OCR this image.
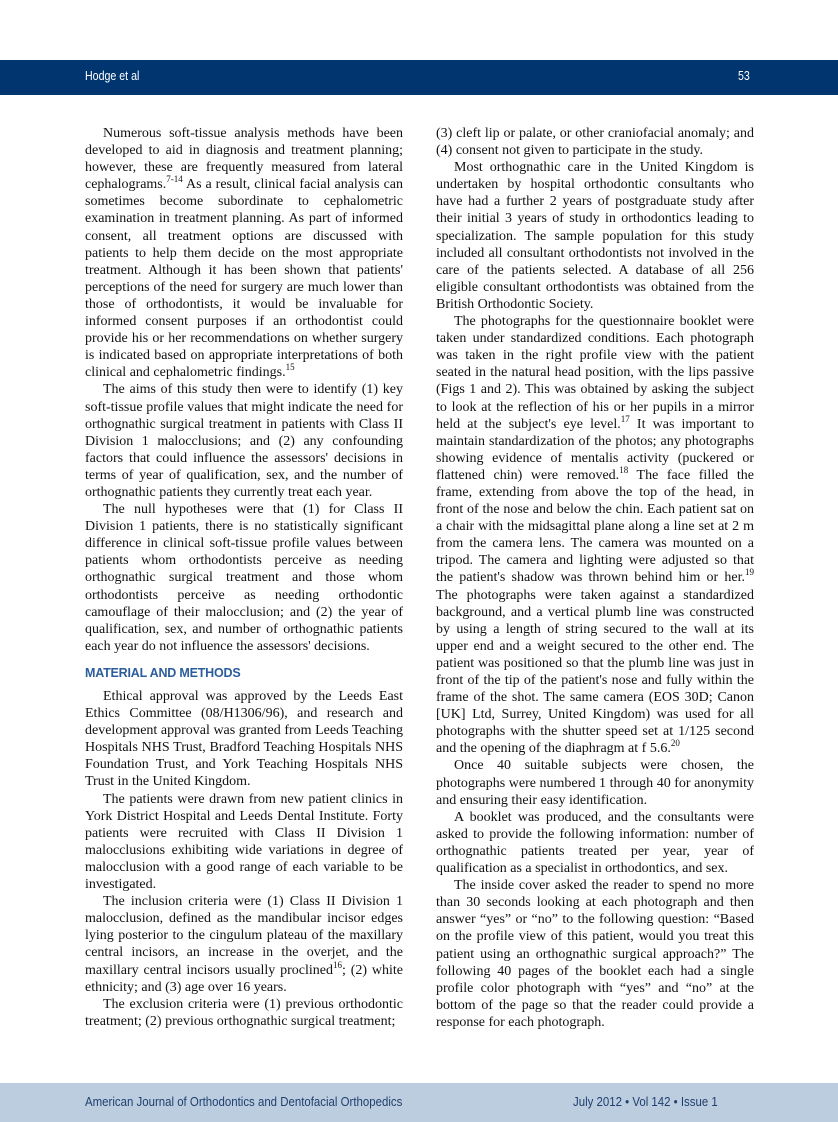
Hodge et al	53

Numerous soft-tissue analysis methods have been developed to aid in diagnosis and treatment planning; however, these are frequently measured from lateral cephalograms.$^{7-14}$ As a result, clinical facial analysis can sometimes become subordinate to cephalometric examination in treatment planning. As part of informed consent, all treatment options are discussed with patients to help them decide on the most appropriate treatment. Although it has been shown that patients' perceptions of the need for surgery are much lower than those of orthodontists, it would be invaluable for informed consent purposes if an orthodontist could provide his or her recommendations on whether surgery is indicated based on appropriate interpretations of both clinical and cephalometric findings.$^{15}$

The aims of this study then were to identify (1) key soft-tissue profile values that might indicate the need for orthognathic surgical treatment in patients with Class II Division 1 malocclusions; and (2) any confounding factors that could influence the assessors' decisions in terms of year of qualification, sex, and the number of orthognathic patients they currently treat each year.

The null hypotheses were that (1) for Class II Division 1 patients, there is no statistically significant difference in clinical soft-tissue profile values between patients whom orthodontists perceive as needing orthognathic surgical treatment and those whom orthodontists perceive as needing orthodontic camouflage of their malocclusion; and (2) the year of qualification, sex, and number of orthognathic patients each year do not influence the assessors' decisions.

MATERIAL AND METHODS

Ethical approval was approved by the Leeds East Ethics Committee (08/H1306/96), and research and development approval was granted from Leeds Teaching Hospitals NHS Trust, Bradford Teaching Hospitals NHS Foundation Trust, and York Teaching Hospitals NHS Trust in the United Kingdom.

The patients were drawn from new patient clinics in York District Hospital and Leeds Dental Institute. Forty patients were recruited with Class II Division 1 malocclusions exhibiting wide variations in degree of malocclusion with a good range of each variable to be investigated.

The inclusion criteria were (1) Class II Division 1 malocclusion, defined as the mandibular incisor edges lying posterior to the cingulum plateau of the maxillary central incisors, an increase in the overjet, and the maxillary central incisors usually proclined$^{16}$; (2) white ethnicity; and (3) age over 16 years.

The exclusion criteria were (1) previous orthodontic treatment; (2) previous orthognathic surgical treatment;

(3) cleft lip or palate, or other craniofacial anomaly; and (4) consent not given to participate in the study.

Most orthognathic care in the United Kingdom is undertaken by hospital orthodontic consultants who have had a further 2 years of postgraduate study after their initial 3 years of study in orthodontics leading to specialization. The sample population for this study included all consultant orthodontists not involved in the care of the patients selected. A database of all 256 eligible consultant orthodontists was obtained from the British Orthodontic Society.

The photographs for the questionnaire booklet were taken under standardized conditions. Each photograph was taken in the right profile view with the patient seated in the natural head position, with the lips passive (Figs 1 and 2). This was obtained by asking the subject to look at the reflection of his or her pupils in a mirror held at the subject's eye level.$^{17}$ It was important to maintain standardization of the photos; any photographs showing evidence of mentalis activity (puckered or flattened chin) were removed.$^{18}$ The face filled the frame, extending from above the top of the head, in front of the nose and below the chin. Each patient sat on a chair with the midsagittal plane along a line set at 2 m from the camera lens. The camera was mounted on a tripod. The camera and lighting were adjusted so that the patient's shadow was thrown behind him or her.$^{19}$ The photographs were taken against a standardized background, and a vertical plumb line was constructed by using a length of string secured to the wall at its upper end and a weight secured to the other end. The patient was positioned so that the plumb line was just in front of the tip of the patient's nose and fully within the frame of the shot. The same camera (EOS 30D; Canon [UK] Ltd, Surrey, United Kingdom) was used for all photographs with the shutter speed set at 1/125 second and the opening of the diaphragm at f 5.6.20

Once 40 suitable subjects were chosen, the photographs were numbered 1 through 40 for anonymity and ensuring their easy identification.

A booklet was produced, and the consultants were asked to provide the following information: number of orthognathic patients treated per year, year of qualification as a specialist in orthodontics, and sex.

The inside cover asked the reader to spend no more than 30 seconds looking at each photograph and then answer “yes” or “no” to the following question: “Based on the profile view of this patient, would you treat this patient using an orthognathic surgical approach?” The following 40 pages of the booklet each had a single profile color photograph with “yes” and “no” at the bottom of the page so that the reader could provide a response for each photograph.

American Journal of Orthodontics and Dentofacial Orthopedics	July 2012 • Vol 142 • Issue 1
